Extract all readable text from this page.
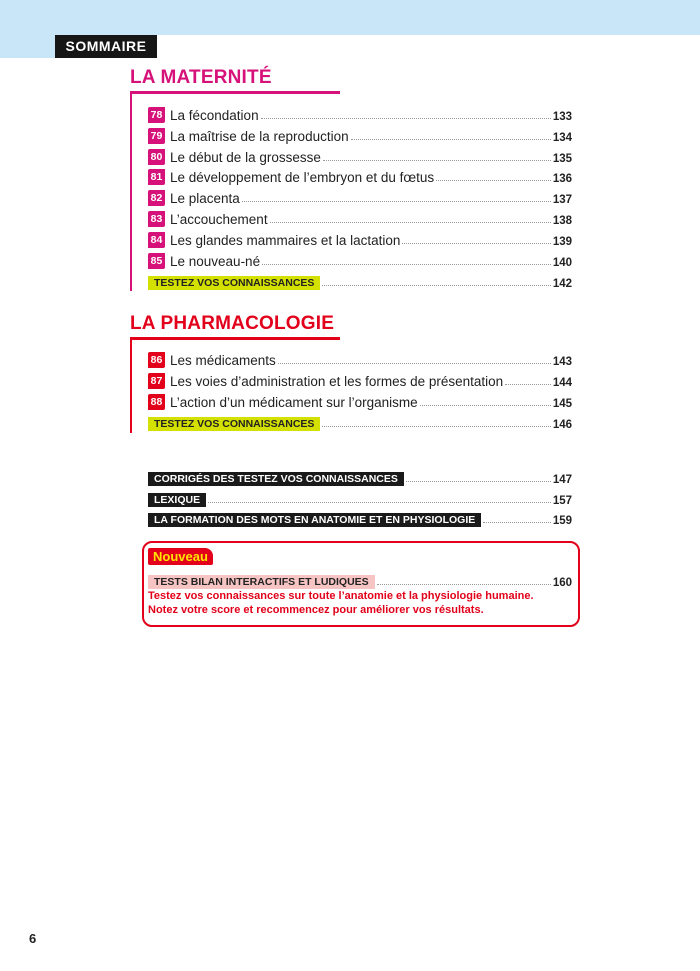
SOMMAIRE
LA MATERNITÉ
78 La fécondation	133
79 La maîtrise de la reproduction	134
80 Le début de la grossesse	135
81 Le développement de l’embryon et du fœtus	136
82 Le placenta	137
83 L’accouchement	138
84 Les glandes mammaires et la lactation	139
85 Le nouveau-né	140
TESTEZ VOS CONNAISSANCES	142
LA PHARMACOLOGIE
86 Les médicaments	143
87 Les voies d’administration et les formes de présentation	144
88 L’action d’un médicament sur l’organisme	145
TESTEZ VOS CONNAISSANCES	146
CORRIGÉS DES TESTEZ VOS CONNAISSANCES	147
LEXIQUE	157
LA FORMATION DES MOTS EN ANATOMIE ET EN PHYSIOLOGIE	159
Nouveau
TESTS BILAN INTERACTIFS ET LUDIQUES	160
Testez vos connaissances sur toute l’anatomie et la physiologie humaine.
Notez votre score et recommencez pour améliorer vos résultats.
6
